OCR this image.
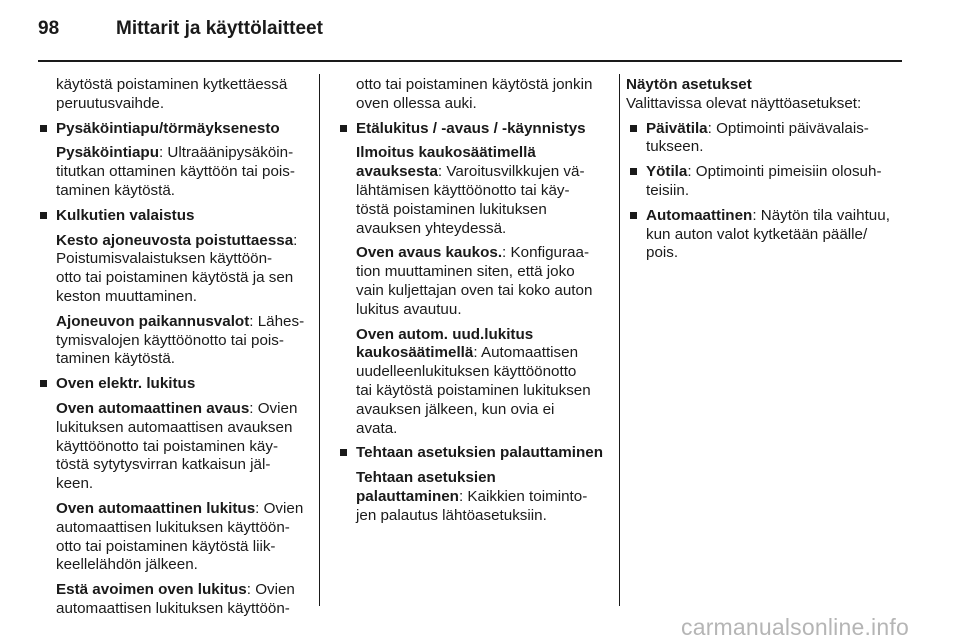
98	Mittarit ja käyttölaitteet

käytöstä poistaminen kytkettäessä
peruutusvaihde.

Pysäköintiapu/törmäyksenesto

Pysäköintiapu: Ultraäänipysäköin-
titutkan ottaminen käyttöön tai pois-
taminen käytöstä.

Kulkutien valaistus

Kesto ajoneuvosta poistuttaessa:
Poistumisvalaistuksen käyttöön-
otto tai poistaminen käytöstä ja sen
keston muuttaminen.

Ajoneuvon paikannusvalot: Lähes-
tymisvalojen käyttöönotto tai pois-
taminen käytöstä.

Oven elektr. lukitus

Oven automaattinen avaus: Ovien
lukituksen automaattisen avauksen
käyttöönotto tai poistaminen käy-
töstä sytytysvirran katkaisun jäl-
keen.

Oven automaattinen lukitus: Ovien
automaattisen lukituksen käyttöön-
otto tai poistaminen käytöstä liik-
keellelähdön jälkeen.

Estä avoimen oven lukitus: Ovien
automaattisen lukituksen käyttöön-

otto tai poistaminen käytöstä jonkin
oven ollessa auki.

Etälukitus / -avaus / -käynnistys

Ilmoitus kaukosäätimellä
avauksesta: Varoitusvilkkujen vä-
lähtämisen käyttöönotto tai käy-
töstä poistaminen lukituksen
avauksen yhteydessä.

Oven avaus kaukos.: Konfiguraa-
tion muuttaminen siten, että joko
vain kuljettajan oven tai koko auton
lukitus avautuu.

Oven autom. uud.lukitus
kaukosäätimellä: Automaattisen
uudelleenlukituksen käyttöönotto
tai käytöstä poistaminen lukituksen
avauksen jälkeen, kun ovia ei
avata.

Tehtaan asetuksien palauttaminen

Tehtaan asetuksien
palauttaminen: Kaikkien toiminto-
jen palautus lähtöasetuksiin.

Näytön asetukset

Valittavissa olevat näyttöasetukset:

Päivätila: Optimointi päivävalais-
tukseen.

Yötila: Optimointi pimeisiin olosuh-
teisiin.

Automaattinen: Näytön tila vaihtuu,
kun auton valot kytketään päälle/
pois.

carmanualsonline.info
